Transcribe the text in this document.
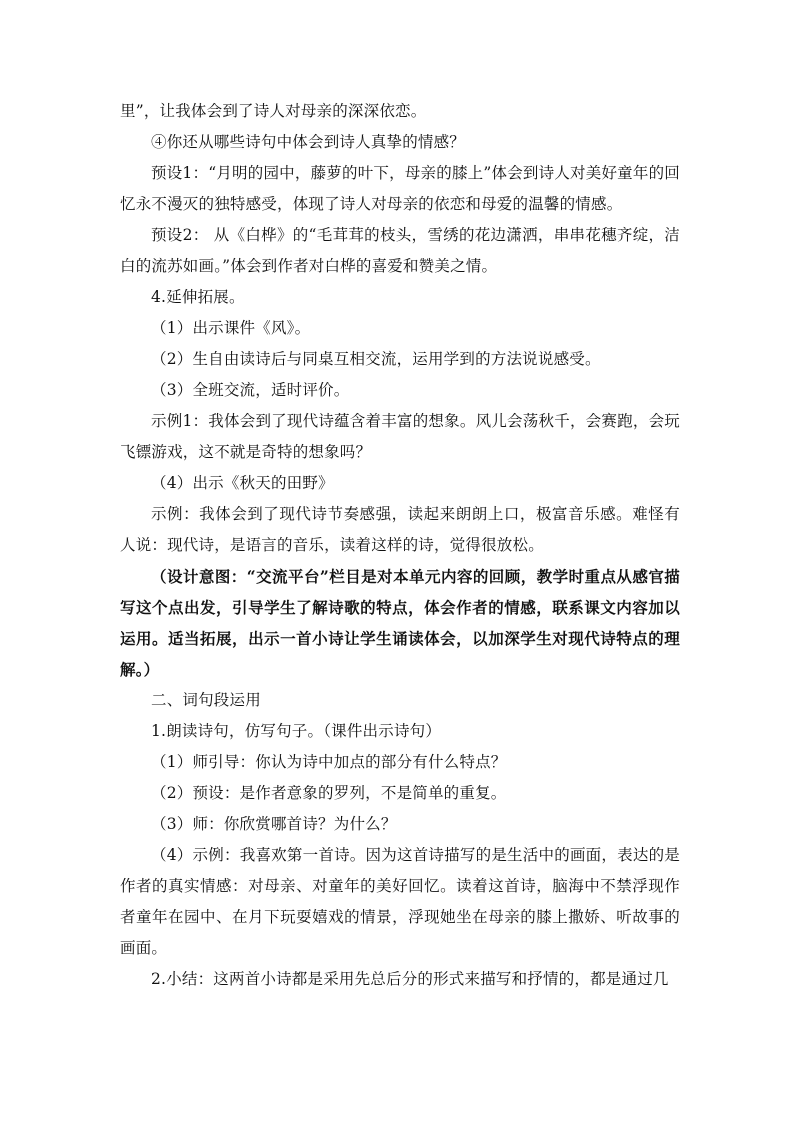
里”，让我体会到了诗人对母亲的深深依恋。

④你还从哪些诗句中体会到诗人真挚的情感？

预设1：“月明的园中，藤萝的叶下，母亲的膝上”体会到诗人对美好童年的回忆永不漫灭的独特感受，体现了诗人对母亲的依恋和母爱的温馨的情感。

预设2： 从《白桦》的“毛茸茸的枝头，雪绣的花边潇洒，串串花穗齐绽，洁白的流苏如画。”体会到作者对白桦的喜爱和赞美之情。

4.延伸拓展。

（1）出示课件《风》。

（2）生自由读诗后与同桌互相交流，运用学到的方法说说感受。

（3）全班交流，适时评价。

示例1：我体会到了现代诗蕴含着丰富的想象。风儿会荡秋千，会赛跑，会玩飞镖游戏，这不就是奇特的想象吗？

（4）出示《秋天的田野》

示例：我体会到了现代诗节奏感强，读起来朗朗上口，极富音乐感。难怪有人说：现代诗，是语言的音乐，读着这样的诗，觉得很放松。

（设计意图：“交流平台”栏目是对本单元内容的回顾，教学时重点从感官描写这个点出发，引导学生了解诗歌的特点，体会作者的情感，联系课文内容加以运用。适当拓展，出示一首小诗让学生诵读体会，以加深学生对现代诗特点的理解。）

二、词句段运用

1.朗读诗句，仿写句子。（课件出示诗句）

（1）师引导：你认为诗中加点的部分有什么特点？

（2）预设：是作者意象的罗列，不是简单的重复。

（3）师：你欣赏哪首诗？为什么？

（4）示例：我喜欢第一首诗。因为这首诗描写的是生活中的画面，表达的是作者的真实情感：对母亲、对童年的美好回忆。读着这首诗，脑海中不禁浮现作者童年在园中、在月下玩耍嬉戏的情景，浮现她坐在母亲的膝上撒娇、听故事的画面。

2.小结：这两首小诗都是采用先总后分的形式来描写和抒情的，都是通过几
